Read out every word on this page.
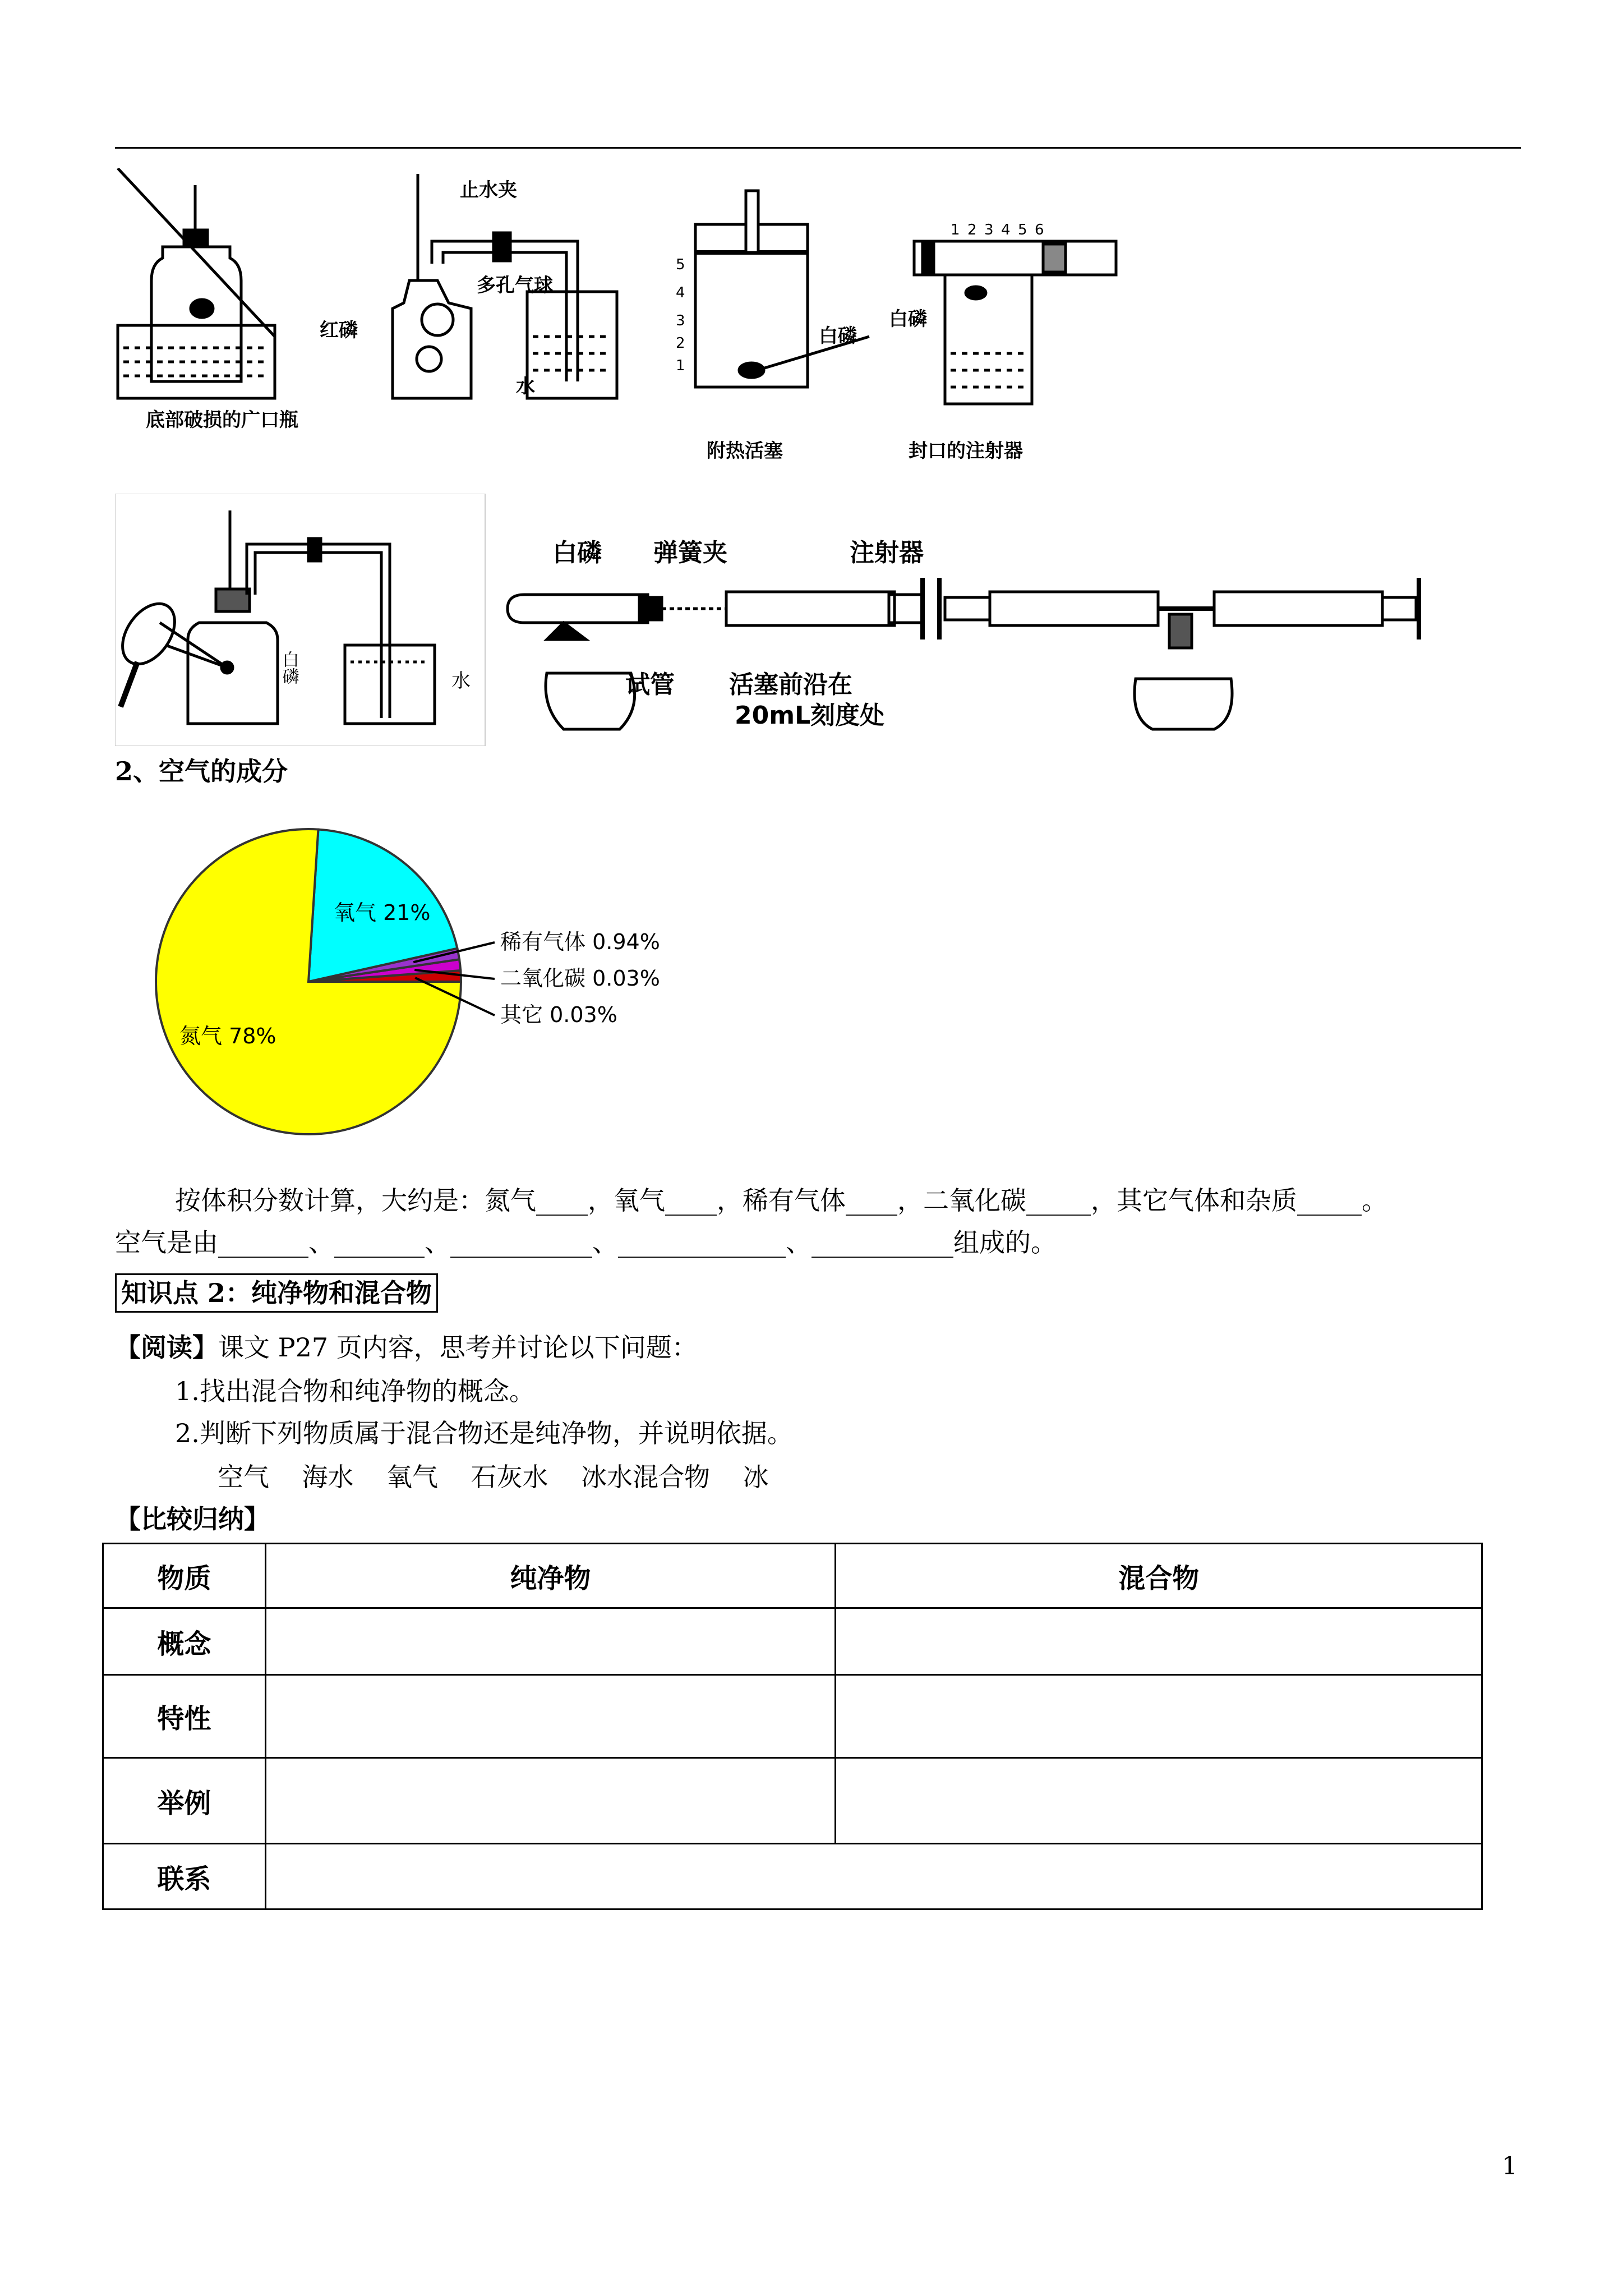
底部破损的广口瓶
止水夹
多孔气球
红磷
水
5
4
3
2
1
白磷
附热活塞
1 2 3 4 5 6
白磷
封口的注射器
白磷	水
白磷 弹簧夹	注射器
试管 活塞前沿在
20mL刻度处
2、空气的成分
氮气 78%
氧气 21%
稀有气体 0.94%
二氧化碳 0.03%
其它 0.03%
按体积分数计算，大约是：氮气____，氧气____，稀有气体____，二氧化碳_____，其它气体和杂质_____。
空气是由_______、_______、___________、_____________、___________组成的。
知识点 2：纯净物和混合物
【阅读】课文 P27 页内容，思考并讨论以下问题：
1.找出混合物和纯净物的概念。
2.判断下列物质属于混合物还是纯净物，并说明依据。
空气    海水    氧气    石灰水    冰水混合物    冰
【比较归纳】
物质	纯净物	混合物
概念		
特性		
举例		
联系		
1
